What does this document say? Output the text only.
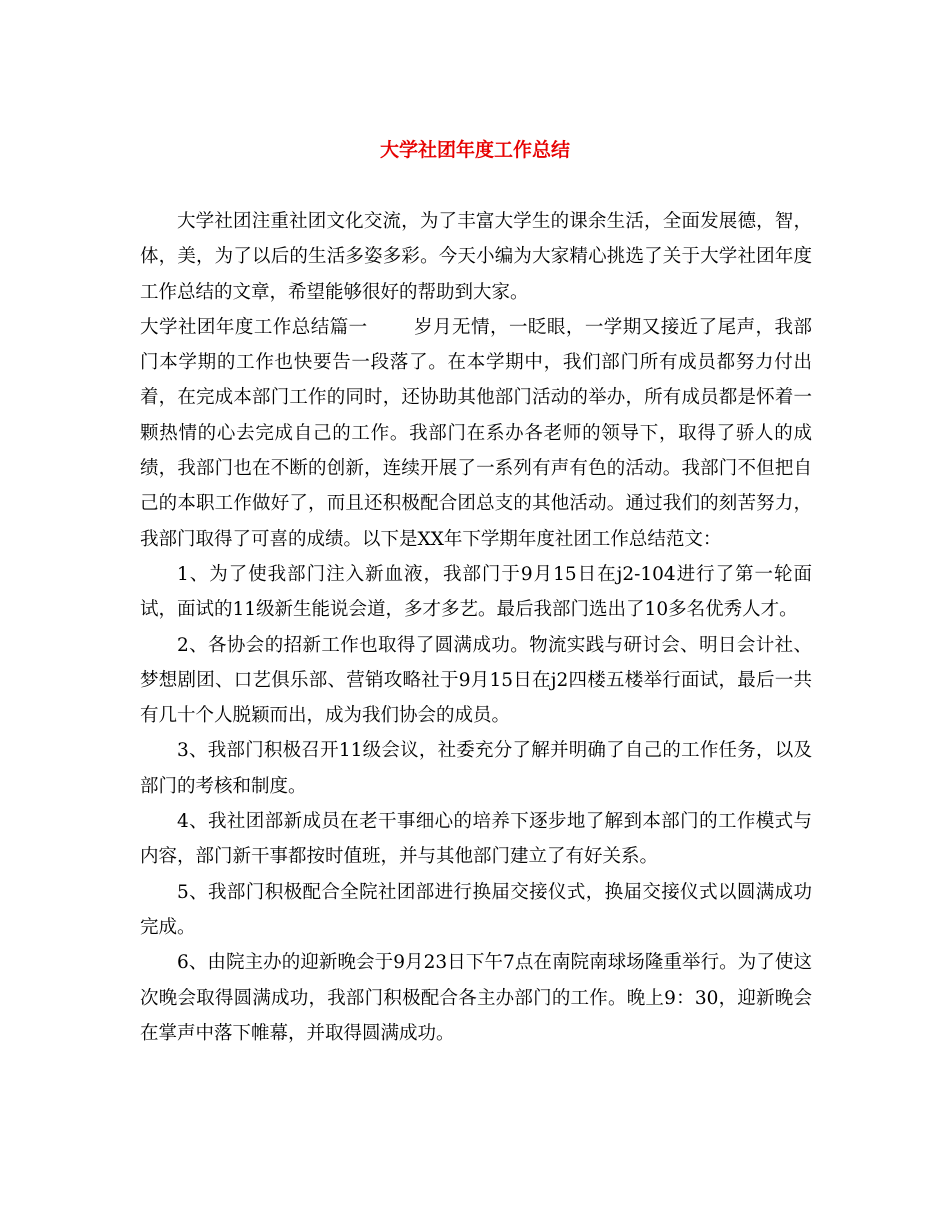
大学社团年度工作总结

大学社团注重社团文化交流，为了丰富大学生的课余生活，全面发展德，智，体，美，为了以后的生活多姿多彩。今天小编为大家精心挑选了关于大学社团年度工作总结的文章，希望能够很好的帮助到大家。

大学社团年度工作总结篇一 岁月无情，一眨眼，一学期又接近了尾声，我部门本学期的工作也快要告一段落了。在本学期中，我们部门所有成员都努力付出着，在完成本部门工作的同时，还协助其他部门活动的举办，所有成员都是怀着一颗热情的心去完成自己的工作。我部门在系办各老师的领导下，取得了骄人的成绩，我部门也在不断的创新，连续开展了一系列有声有色的活动。我部门不但把自己的本职工作做好了，而且还积极配合团总支的其他活动。通过我们的刻苦努力，我部门取得了可喜的成绩。以下是XX年下学期年度社团工作总结范文：

1、为了使我部门注入新血液，我部门于9月15日在j2-104进行了第一轮面试，面试的11级新生能说会道，多才多艺。最后我部门选出了10多名优秀人才。

2、各协会的招新工作也取得了圆满成功。物流实践与研讨会、明日会计社、梦想剧团、口艺俱乐部、营销攻略社于9月15日在j2四楼五楼举行面试，最后一共有几十个人脱颖而出，成为我们协会的成员。

3、我部门积极召开11级会议，社委充分了解并明确了自己的工作任务，以及部门的考核和制度。

4、我社团部新成员在老干事细心的培养下逐步地了解到本部门的工作模式与内容，部门新干事都按时值班，并与其他部门建立了有好关系。

5、我部门积极配合全院社团部进行换届交接仪式，换届交接仪式以圆满成功完成。

6、由院主办的迎新晚会于9月23日下午7点在南院南球场隆重举行。为了使这次晚会取得圆满成功，我部门积极配合各主办部门的工作。晚上9：30，迎新晚会在掌声中落下帷幕，并取得圆满成功。
